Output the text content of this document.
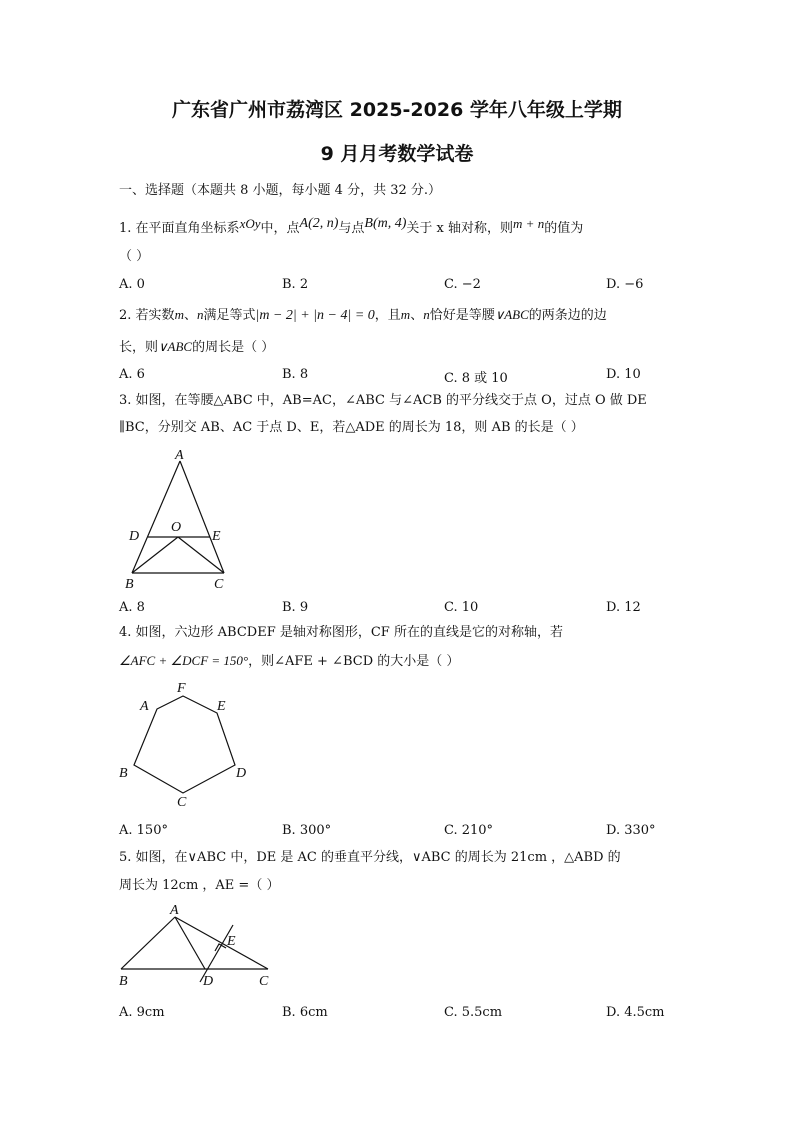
广东省广州市荔湾区 2025-2026 学年八年级上学期
9 月月考数学试卷
一、选择题（本题共 8 小题，每小题 4 分，共 32 分.）
1. 在平面直角坐标系xOy中，点A(2, n)与点B(m, 4)关于 x 轴对称，则m + n的值为
（ ）
A. 0	B. 2	C. −2	D. −6
2. 若实数m、n满足等式|m − 2| + |n − 4| = 0，且m、n恰好是等腰∨ABC的两条边的边
长，则∨ABC的周长是（ ）
A. 6	B. 8	C. 8 或 10	D. 10
3. 如图，在等腰△ABC 中，AB=AC，∠ABC 与∠ACB 的平分线交于点 O，过点 O 做 DE
∥BC，分别交 AB、AC 于点 D、E，若△ADE 的周长为 18，则 AB 的长是（ ）
A
B	C
D	E
O
A. 8	B. 9	C. 10	D. 12
4. 如图，六边形 ABCDEF 是轴对称图形，CF 所在的直线是它的对称轴，若
∠AFC + ∠DCF = 150°，则∠AFE + ∠BCD 的大小是（ ）
A
F
E
B	D
C
A. 150°	B. 300°	C. 210°	D. 330°
5. 如图，在∨ABC 中，DE 是 AC 的垂直平分线，∨ABC 的周长为 21cm ，△ABD 的
周长为 12cm ，AE =（ ）
A
B	C
D
E
A. 9cm	B. 6cm	C. 5.5cm	D. 4.5cm
